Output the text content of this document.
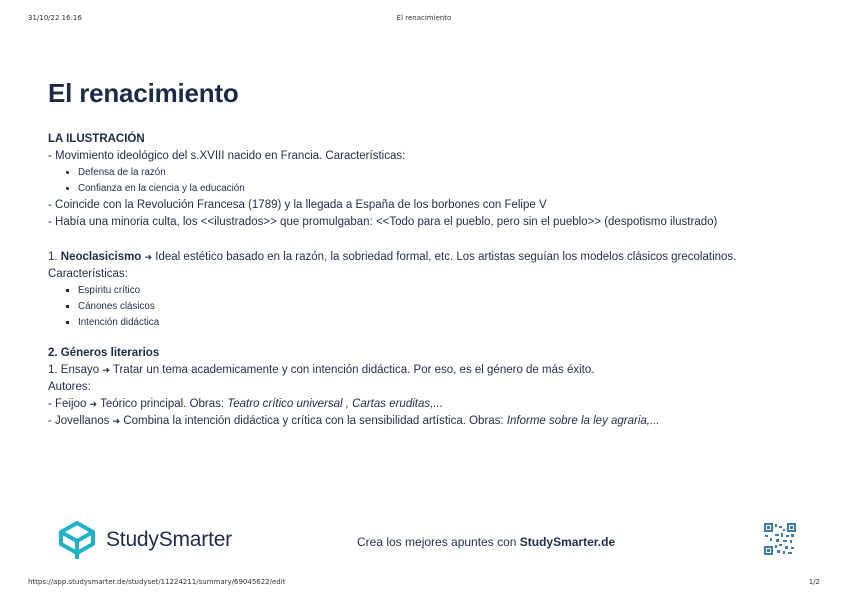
31/10/22 16:16	El renacimiento
El renacimiento
LA ILUSTRACIÓN
- Movimiento ideológico del s.XVIII nacido en Francia. Características:
• Defensa de la razón
• Confianza en la ciencia y la educación
- Coincide con la Revolución Francesa (1789) y la llegada a España de los borbones con Felipe V
- Había una minoria culta, los <<ilustrados>> que promulgaban: <<Todo para el pueblo, pero sin el pueblo>> (despotismo ilustrado)
1. Neoclasicismo ➜ Ideal estético basado en la razón, la sobriedad formal, etc. Los artistas seguían los modelos clásicos grecolatinos.
Características:
▪ Espíritu crítico
▪ Cánones clásicos
▪ Intención didáctica
2. Géneros literarios
1. Ensayo ➜ Tratar un tema academicamente y con intención didáctica. Por eso, es el género de más éxito.
Autores:
- Feijoo ➜ Teórico principal. Obras: Teatro crítico universal , Cartas eruditas,...
- Jovellanos ➜ Combina la intención didáctica y crítica con la sensibilidad artística. Obras: Informe sobre la ley agraria,...
StudySmarter	Crea los mejores apuntes con StudySmarter.de
https://app.studysmarter.de/studyset/11224211/summary/69045622/edit	1/2
